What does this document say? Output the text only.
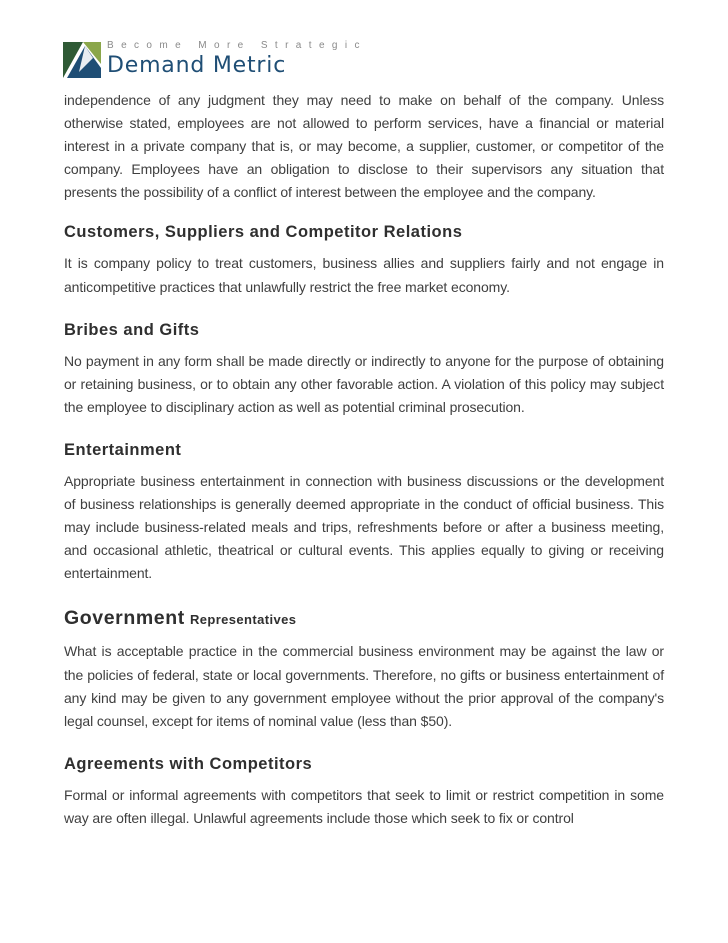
Become More Strategic
Demand Metric

independence of any judgment they may need to make on behalf of the company. Unless otherwise stated, employees are not allowed to perform services, have a financial or material interest in a private company that is, or may become, a supplier, customer, or competitor of the company. Employees have an obligation to disclose to their supervisors any situation that presents the possibility of a conflict of interest between the employee and the company.

Customers, Suppliers and Competitor Relations

It is company policy to treat customers, business allies and suppliers fairly and not engage in anticompetitive practices that unlawfully restrict the free market economy.

Bribes and Gifts

No payment in any form shall be made directly or indirectly to anyone for the purpose of obtaining or retaining business, or to obtain any other favorable action. A violation of this policy may subject the employee to disciplinary action as well as potential criminal prosecution.

Entertainment

Appropriate business entertainment in connection with business discussions or the development of business relationships is generally deemed appropriate in the conduct of official business. This may include business-related meals and trips, refreshments before or after a business meeting, and occasional athletic, theatrical or cultural events. This applies equally to giving or receiving entertainment.

Government Representatives

What is acceptable practice in the commercial business environment may be against the law or the policies of federal, state or local governments. Therefore, no gifts or business entertainment of any kind may be given to any government employee without the prior approval of the company's legal counsel, except for items of nominal value (less than $50).

Agreements with Competitors

Formal or informal agreements with competitors that seek to limit or restrict competition in some way are often illegal. Unlawful agreements include those which seek to fix or control
